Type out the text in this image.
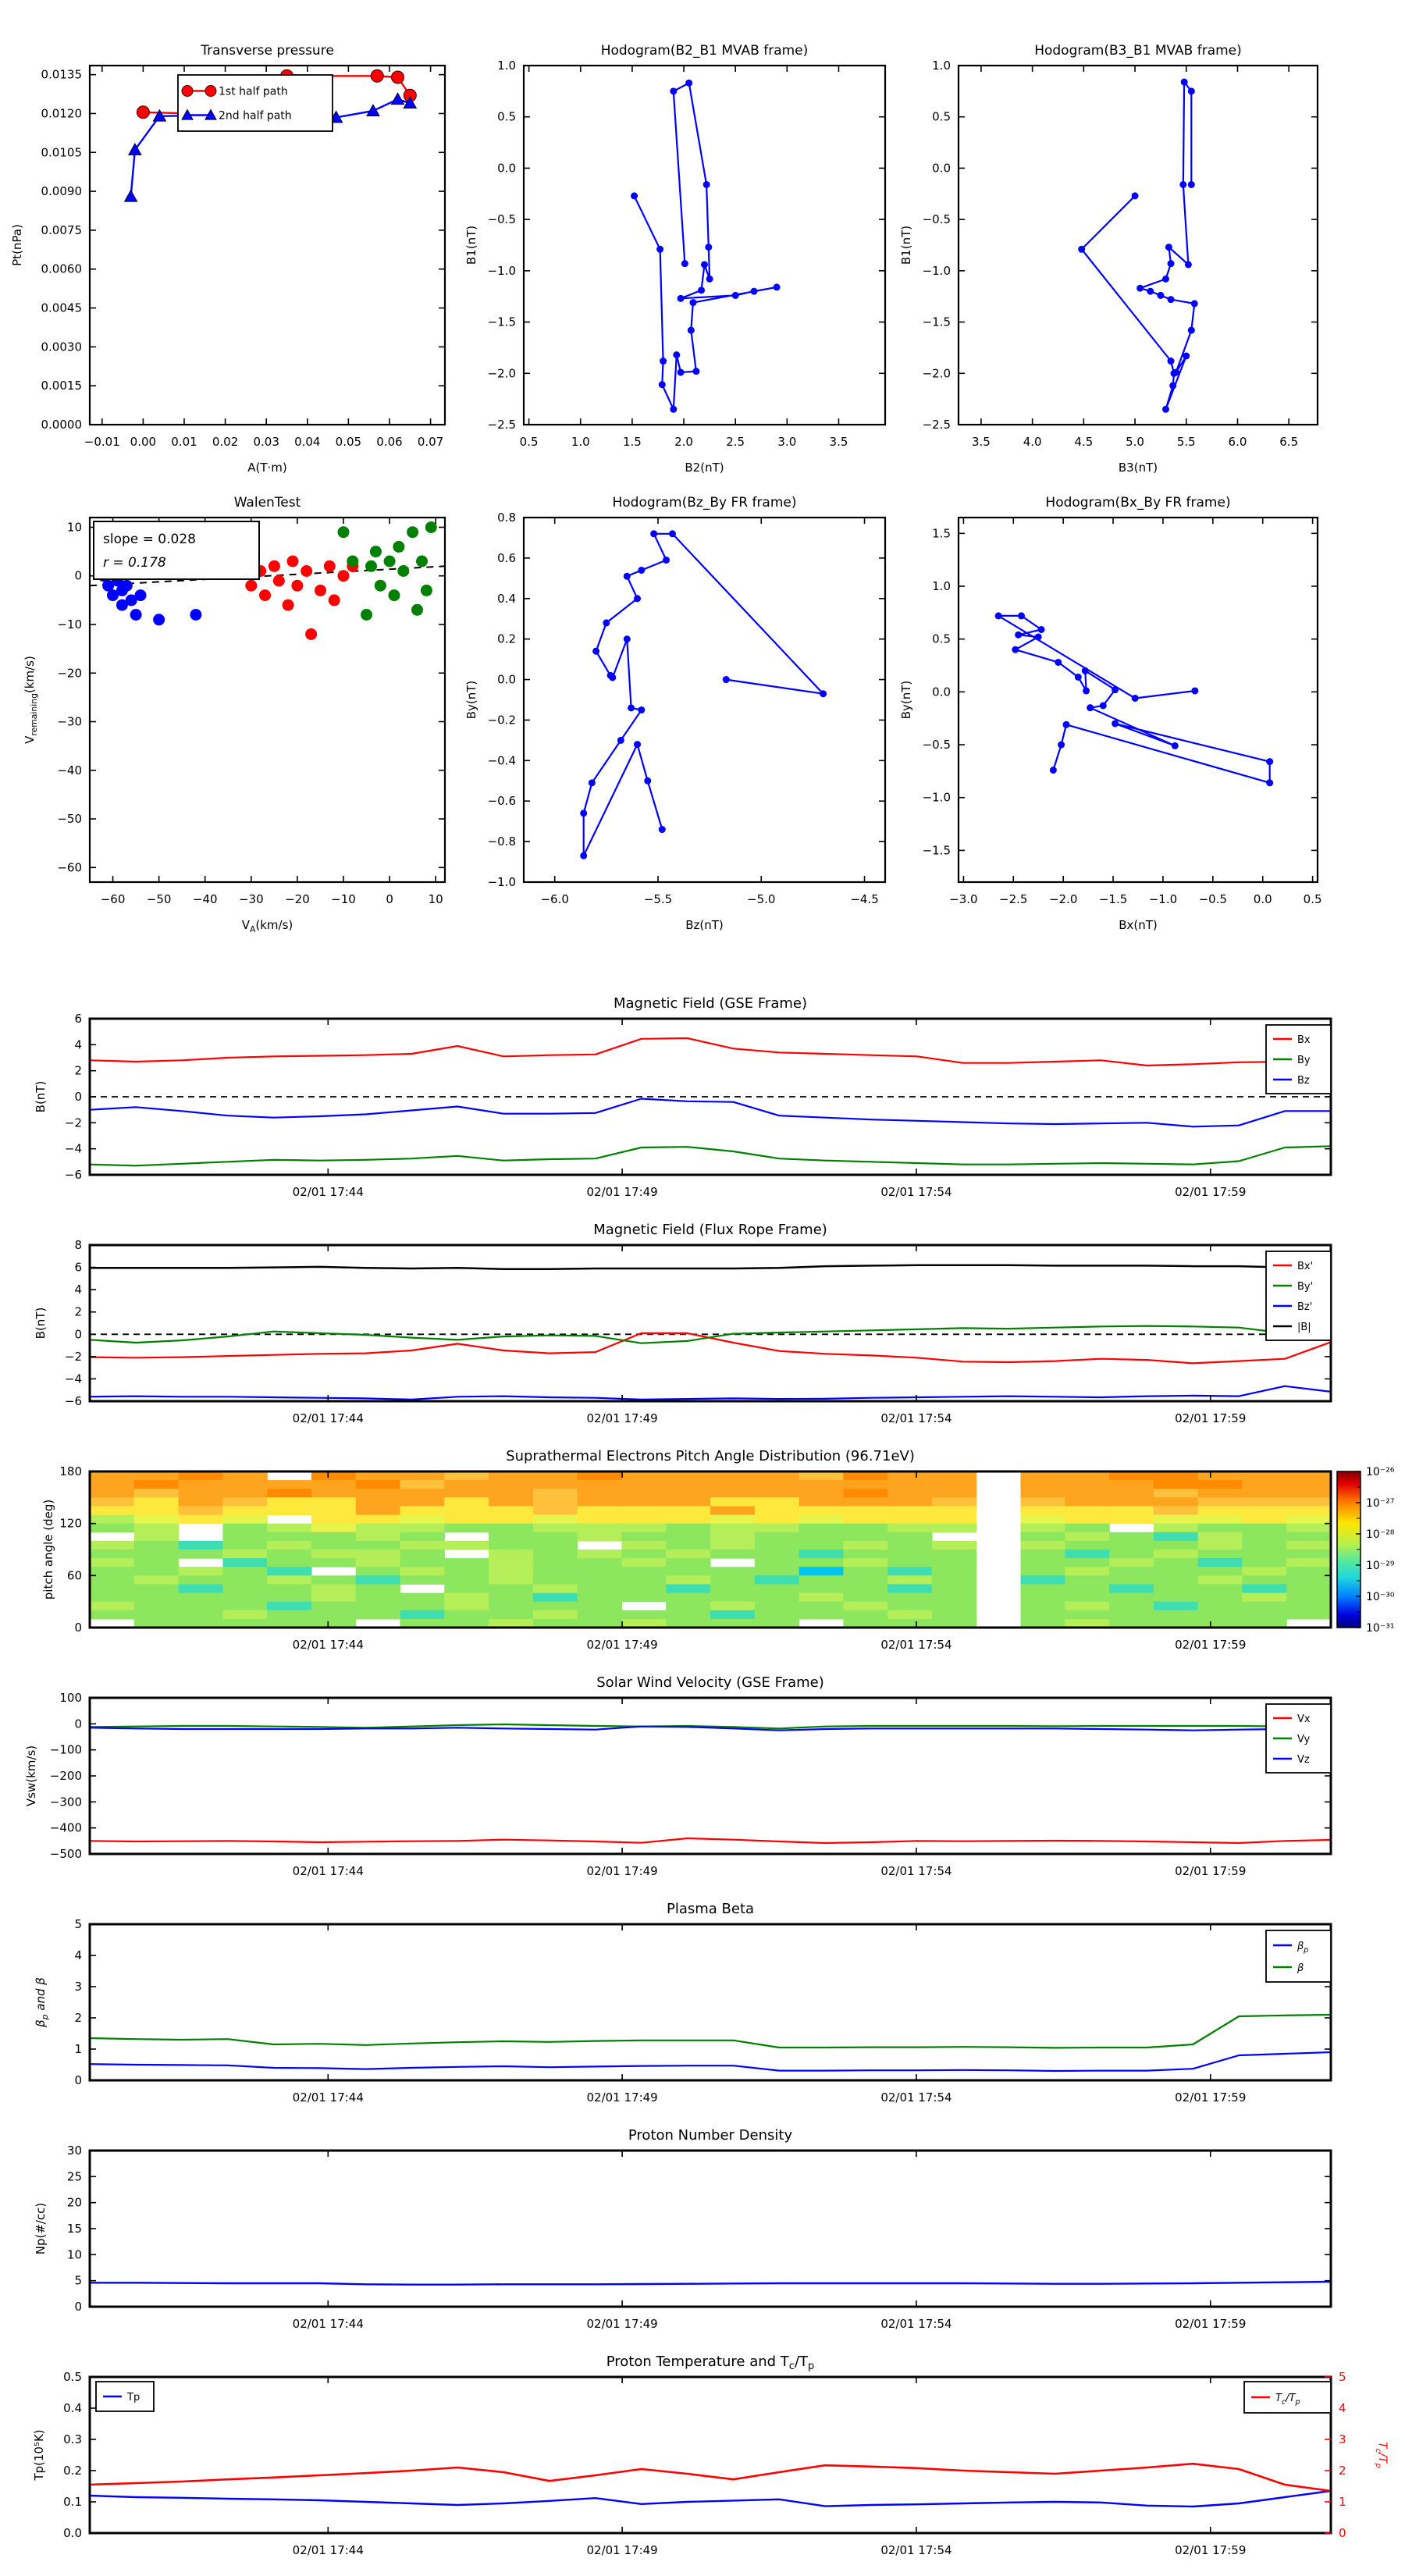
Transverse pressure
−0.01 0.00 0.01 0.02 0.03 0.04 0.05 0.06 0.07
0.0000
0.0015
0.0030
0.0045
0.0060
0.0075
0.0090
0.0105
0.0120
0.0135
A(T·m)
Pt(nPa)
1st half path
2nd half path
Hodogram(B2_B1 MVAB frame)
0.5	1.0	1.5	2.0	2.5	3.0	3.5
−2.5
−2.0
−1.5
−1.0
−0.5
0.0
0.5
1.0
B2(nT)
B1(nT)
Hodogram(B3_B1 MVAB frame)
3.5	4.0	4.5	5.0	5.5	6.0	6.5
−2.5
−2.0
−1.5
−1.0
−0.5
0.0
0.5
1.0
B3(nT)
B1(nT)
WalenTest
−60 −50 −40 −30 −20 −10	0	10
10
0
−10
−20
−30
−40
−50
−60
$V_A(km/s)$
$V_{remaining}(km/s)$
slope = 0.028
r = 0.178
Hodogram(Bz_By FR frame)
−6.0	−5.5	−5.0	−4.5
−1.0
−0.8
−0.6
−0.4
−0.2
0.0
0.2
0.4
0.6
0.8
Bz(nT)
By(nT)
Hodogram(Bx_By FR frame)
−3.0 −2.5 −2.0 −1.5 −1.0 −0.5 0.0	0.5
−1.5
−1.0
−0.5
0.0
0.5
1.0
1.5
Bx(nT)
By(nT)
Magnetic Field (GSE Frame)
02/01 17:44	02/01 17:49	02/01 17:54	02/01 17:59
−6
−4
−2
0
2
4
6
B(nT)
Bx
By
Bz
Magnetic Field (Flux Rope Frame)
02/01 17:44	02/01 17:49	02/01 17:54	02/01 17:59
−6
−4
−2
0
2
4
6
8
B(nT)
Bx'
By'
Bz'
|B|
Suprathermal Electrons Pitch Angle Distribution (96.71eV)
02/01 17:44	02/01 17:49	02/01 17:54	02/01 17:59
0
60
120
180
pitch angle (deg)
10⁻²⁶
10⁻²⁷
10⁻²⁸
10⁻²⁹
10⁻³⁰
10⁻³¹
Solar Wind Velocity (GSE Frame)
02/01 17:44	02/01 17:49	02/01 17:54	02/01 17:59
100
0
−100
−200
−300
−400
−500
Vsw(km/s)
Vx
Vy
Vz
Plasma Beta
02/01 17:44	02/01 17:49	02/01 17:54	02/01 17:59
0
1
2
3
4
5
$\beta_p$ and β
$\beta_p$
β
Proton Number Density
02/01 17:44	02/01 17:49	02/01 17:54	02/01 17:59
0
5
10
15
20
25
30
Np(#/cc)
Proton Temperature and $T_c/T_p$
02/01 17:44	02/01 17:49	02/01 17:54	02/01 17:59
0.0
0.1
0.2
0.3
0.4
0.5
0
1
2
3
4
5
$T_c/T_p$
Tp(10⁵K)
Tp	$T_c/T_p$
